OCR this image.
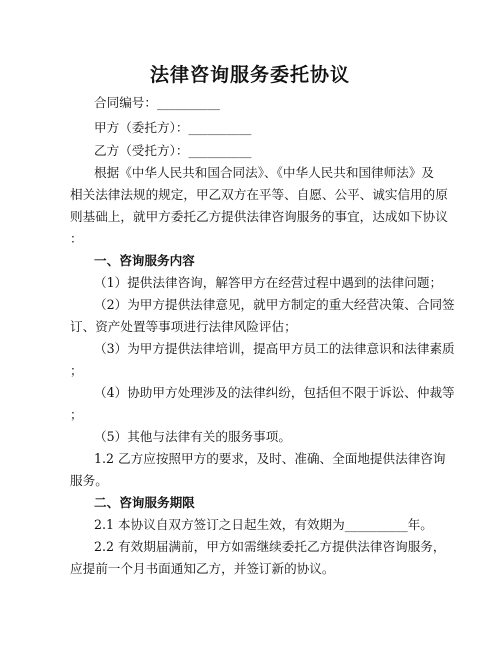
法律咨询服务委托协议
合同编号：__________
甲方（委托方）：__________
乙方（受托方）：__________
根据《中华人民共和国合同法》、《中华人民共和国律师法》及
相关法律法规的规定，甲乙双方在平等、自愿、公平、诚实信用的原
则基础上，就甲方委托乙方提供法律咨询服务的事宜，达成如下协议
：
一、咨询服务内容
（1）提供法律咨询，解答甲方在经营过程中遇到的法律问题；
（2）为甲方提供法律意见，就甲方制定的重大经营决策、合同签
订、资产处置等事项进行法律风险评估；
（3）为甲方提供法律培训，提高甲方员工的法律意识和法律素质
；
（4）协助甲方处理涉及的法律纠纷，包括但不限于诉讼、仲裁等
；
（5）其他与法律有关的服务事项。
1.2 乙方应按照甲方的要求，及时、准确、全面地提供法律咨询
服务。
二、咨询服务期限
2.1 本协议自双方签订之日起生效，有效期为__________年。
2.2 有效期届满前，甲方如需继续委托乙方提供法律咨询服务，
应提前一个月书面通知乙方，并签订新的协议。
